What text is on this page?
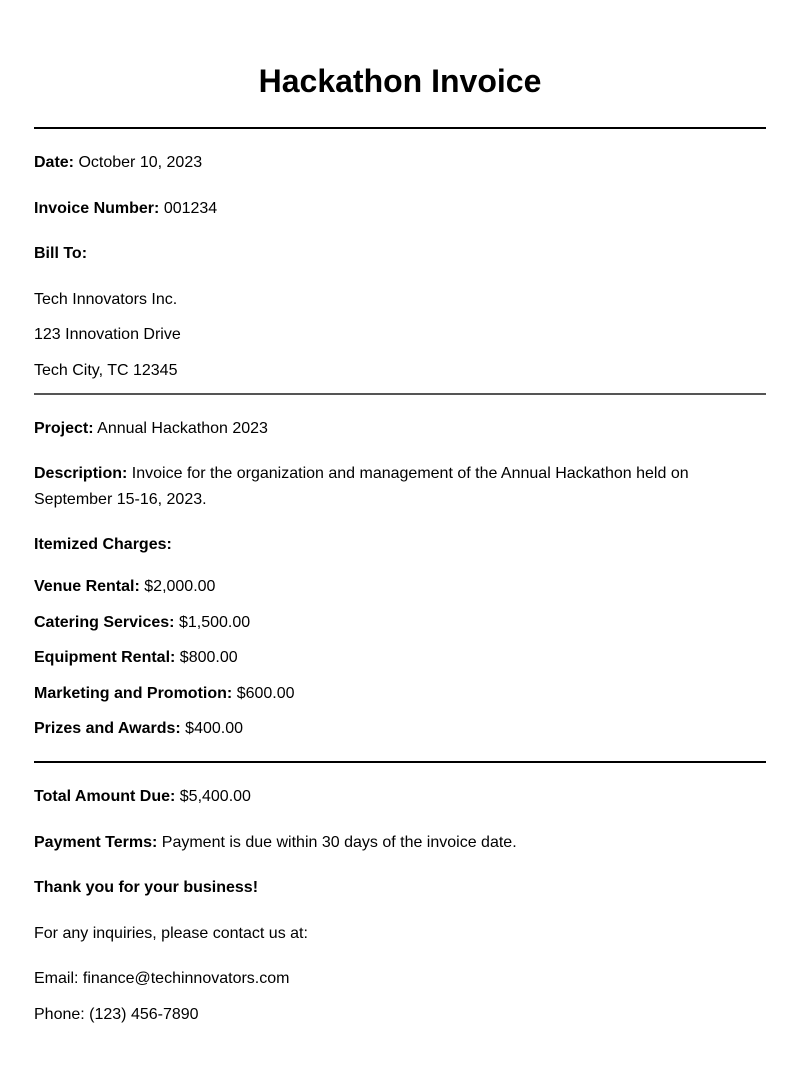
Hackathon Invoice
Date: October 10, 2023
Invoice Number: 001234
Bill To:
Tech Innovators Inc.
123 Innovation Drive
Tech City, TC 12345
Project: Annual Hackathon 2023
Description: Invoice for the organization and management of the Annual Hackathon held on September 15-16, 2023.
Itemized Charges:
Venue Rental: $2,000.00
Catering Services: $1,500.00
Equipment Rental: $800.00
Marketing and Promotion: $600.00
Prizes and Awards: $400.00
Total Amount Due: $5,400.00
Payment Terms: Payment is due within 30 days of the invoice date.
Thank you for your business!
For any inquiries, please contact us at:
Email: finance@techinnovators.com
Phone: (123) 456-7890
